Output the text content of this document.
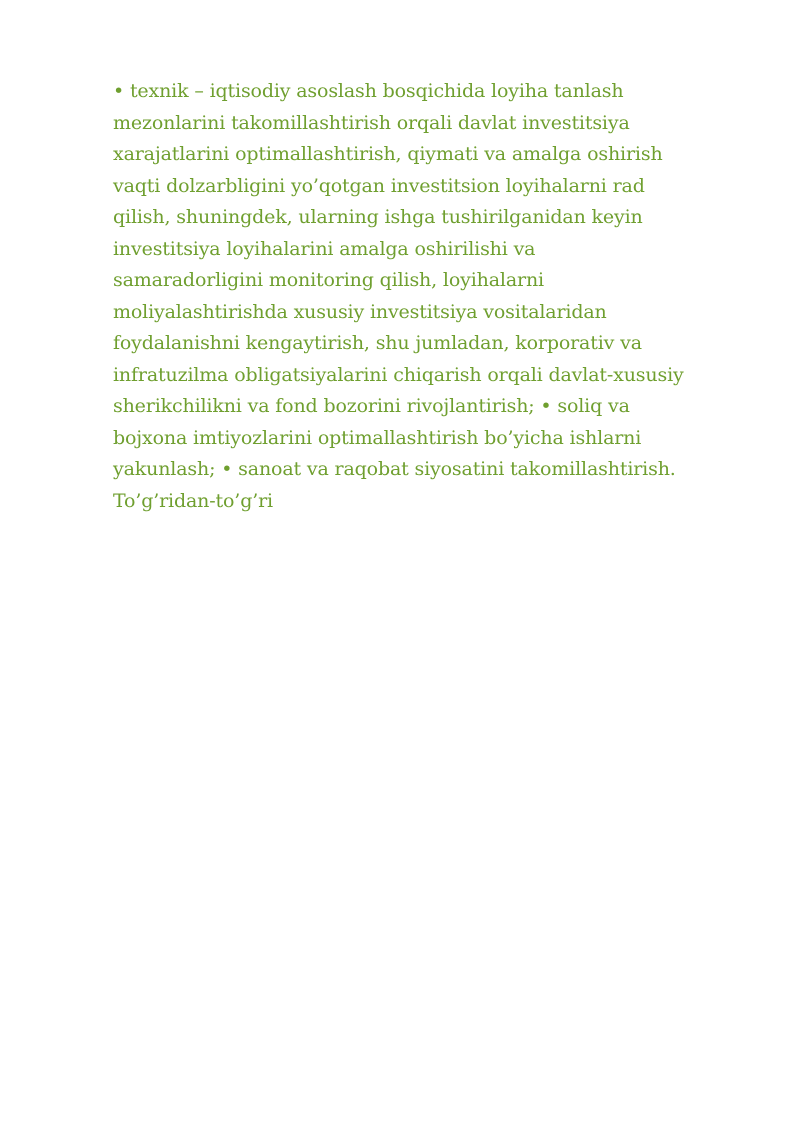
• texnik – iqtisodiy asoslash bosqichida loyiha tanlash
mezonlarini takomillashtirish orqali davlat investitsiya
xarajatlarini optimallashtirish, qiymati va amalga oshirish
vaqti dolzarbligini yo’qotgan investitsion loyihalarni rad
qilish, shuningdek, ularning ishga tushirilganidan keyin
investitsiya loyihalarini amalga oshirilishi va
samaradorligini monitoring qilish, loyihalarni
moliyalashtirishda xususiy investitsiya vositalaridan
foydalanishni kengaytirish, shu jumladan, korporativ va
infratuzilma obligatsiyalarini chiqarish orqali davlat-xususiy
sherikchilikni va fond bozorini rivojlantirish; • soliq va
bojxona imtiyozlarini optimallashtirish bo’yicha ishlarni
yakunlash; • sanoat va raqobat siyosatini takomillashtirish.
To’g’ridan-to’g’ri
